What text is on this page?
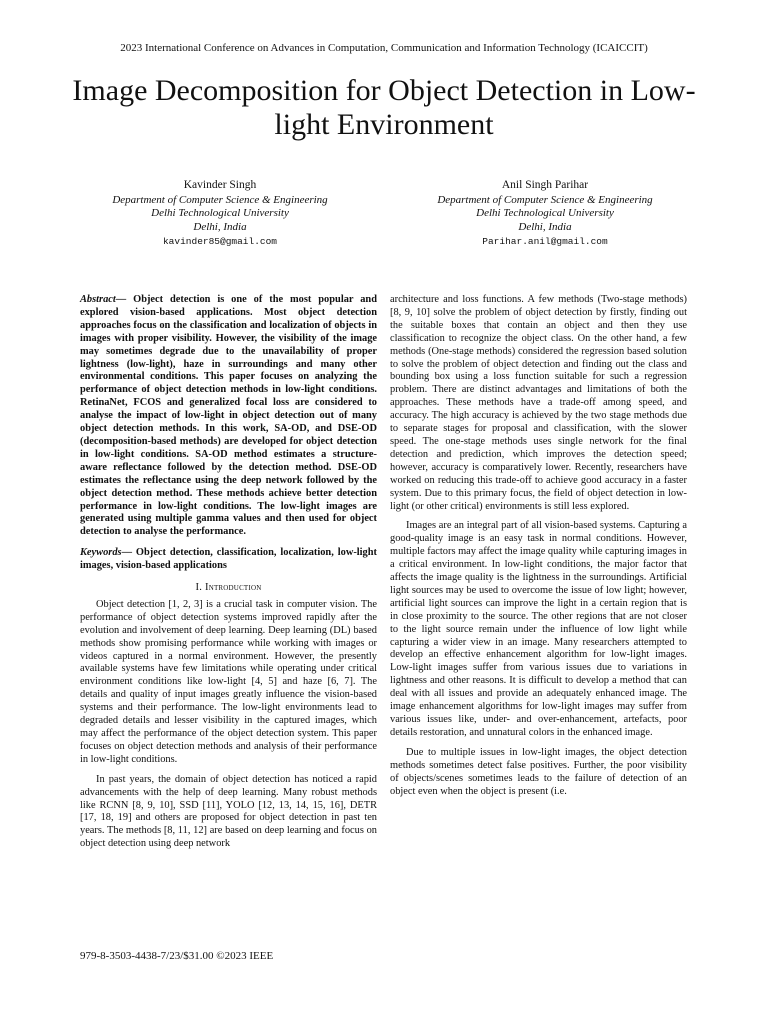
2023 International Conference on Advances in Computation, Communication and Information Technology (ICAICCIT)
Image Decomposition for Object Detection in Low-light Environment
Kavinder Singh
Department of Computer Science & Engineering
Delhi Technological University
Delhi, India
kavinder85@gmail.com
Anil Singh Parihar
Department of Computer Science & Engineering
Delhi Technological University
Delhi, India
Parihar.anil@gmail.com

Abstract— Object detection is one of the most popular and explored vision-based applications. Most object detection approaches focus on the classification and localization of objects in images with proper visibility. However, the visibility of the image may sometimes degrade due to the unavailability of proper lightness (low-light), haze in surroundings and many other environmental conditions. This paper focuses on analyzing the performance of object detection methods in low-light conditions. RetinaNet, FCOS and generalized focal loss are considered to analyse the impact of low-light in object detection out of many object detection methods. In this work, SA-OD, and DSE-OD (decomposition-based methods) are developed for object detection in low-light conditions. SA-OD method estimates a structure-aware reflectance followed by the detection method. DSE-OD estimates the reflectance using the deep network followed by the object detection method. These methods achieve better detection performance in low-light conditions. The low-light images are generated using multiple gamma values and then used for object detection to analyse the performance.

Keywords— Object detection, classification, localization, low-light images, vision-based applications

I. Introduction

Object detection [1, 2, 3] is a crucial task in computer vision. The performance of object detection systems improved rapidly after the evolution and involvement of deep learning. Deep learning (DL) based methods show promising performance while working with images or videos captured in a normal environment. However, the presently available systems have few limitations while operating under critical environment conditions like low-light [4, 5] and haze [6, 7]. The details and quality of input images greatly influence the vision-based systems and their performance. The low-light environments lead to degraded details and lesser visibility in the captured images, which may affect the performance of the object detection system. This paper focuses on object detection methods and analysis of their performance in low-light conditions.

In past years, the domain of object detection has noticed a rapid advancements with the help of deep learning. Many robust methods like RCNN [8, 9, 10], SSD [11], YOLO [12, 13, 14, 15, 16], DETR [17, 18, 19] and others are proposed for object detection in past ten years. The methods [8, 11, 12] are based on deep learning and focus on object detection using deep network

architecture and loss functions. A few methods (Two-stage methods) [8, 9, 10] solve the problem of object detection by firstly, finding out the suitable boxes that contain an object and then they use classification to recognize the object class. On the other hand, a few methods (One-stage methods) considered the regression based solution to solve the problem of object detection and finding out the class and bounding box using a loss function suitable for such a regression problem. There are distinct advantages and limitations of both the approaches. These methods have a trade-off among speed, and accuracy. The high accuracy is achieved by the two stage methods due to separate stages for proposal and classification, with the slower speed. The one-stage methods uses single network for the final detection and prediction, which improves the detection speed; however, accuracy is comparatively lower. Recently, researchers have worked on reducing this trade-off to achieve good accuracy in a faster system. Due to this primary focus, the field of object detection in low-light (or other critical) environments is still less explored.

Images are an integral part of all vision-based systems. Capturing a good-quality image is an easy task in normal conditions. However, multiple factors may affect the image quality while capturing images in a critical environment. In low-light conditions, the major factor that affects the image quality is the lightness in the surroundings. Artificial light sources may be used to overcome the issue of low light; however, artificial light sources can improve the light in a certain region that is in close proximity to the source. The other regions that are not closer to the light source remain under the influence of low light while capturing a wider view in an image. Many researchers attempted to develop an effective enhancement algorithm for low-light images. Low-light images suffer from various issues due to variations in lightness and other reasons. It is difficult to develop a method that can deal with all issues and provide an adequately enhanced image. The image enhancement algorithms for low-light images may suffer from various issues like, under- and over-enhancement, artefacts, poor details restoration, and unnatural colors in the enhanced image.

Due to multiple issues in low-light images, the object detection methods sometimes detect false positives. Further, the poor visibility of objects/scenes sometimes leads to the failure of detection of an object even when the object is present (i.e.

979-8-3503-4438-7/23/$31.00 ©2023 IEEE
